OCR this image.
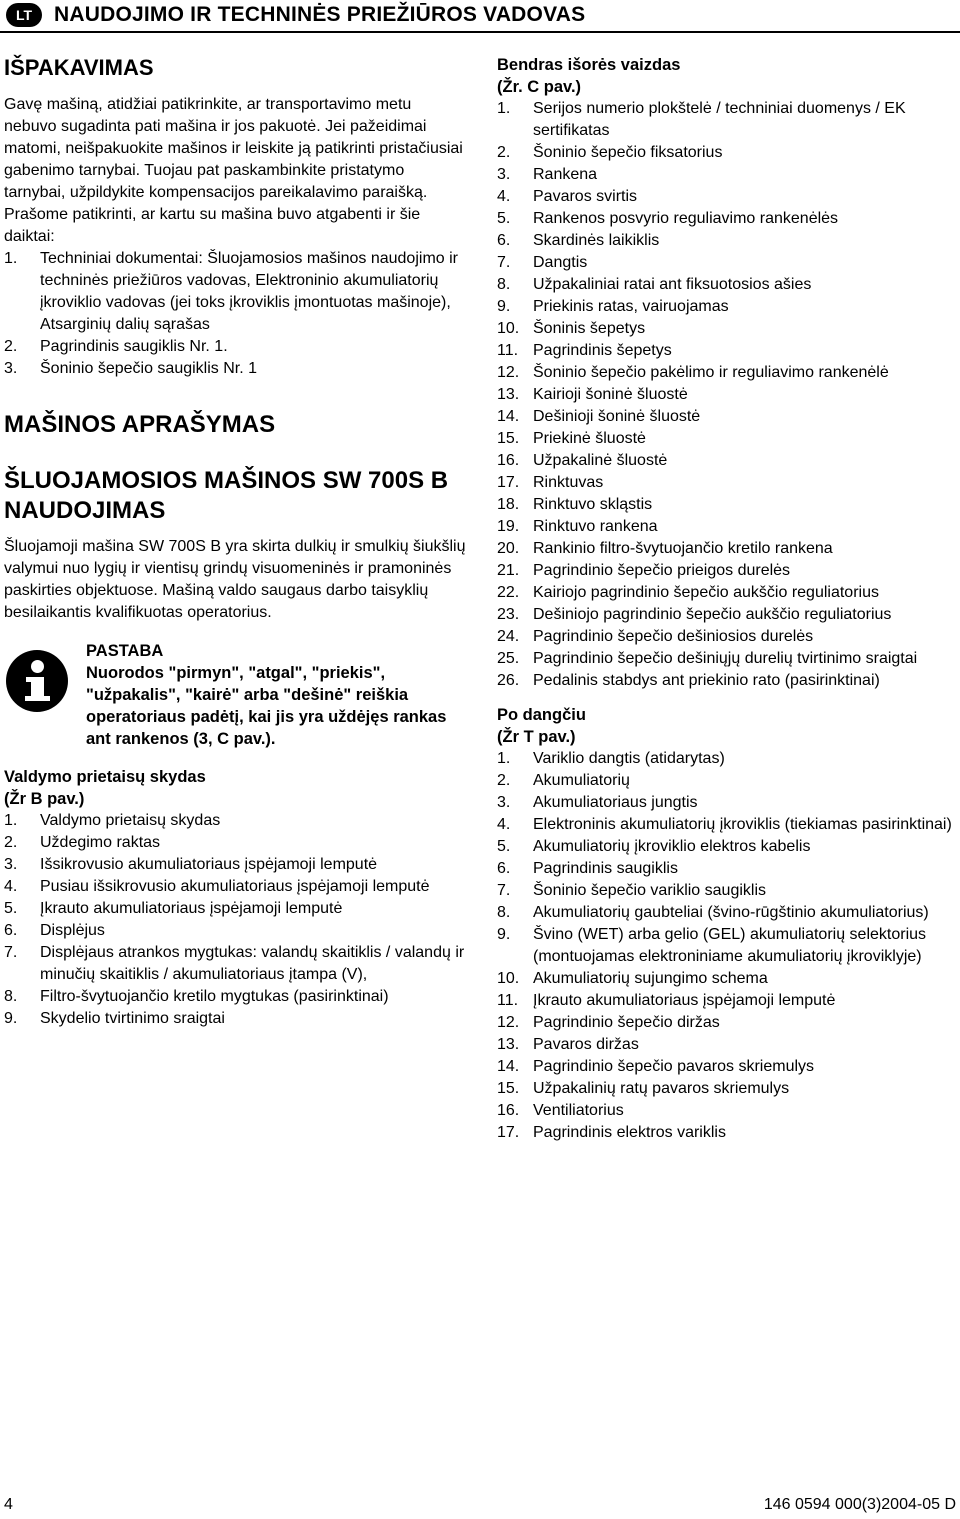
LT	NAUDOJIMO IR TECHNINĖS PRIEŽIŪROS VADOVAS
IŠPAKAVIMAS

Gavę mašiną, atidžiai patikrinkite, ar transportavimo metu nebuvo sugadinta pati mašina ir jos pakuotė. Jei pažeidimai matomi, neišpakuokite mašinos ir leiskite ją patikrinti pristačiusiai gabenimo tarnybai. Tuojau pat paskambinkite pristatymo tarnybai, užpildykite kompensacijos pareikalavimo paraišką.

Prašome patikrinti, ar kartu su mašina buvo atgabenti ir šie daiktai:

1.	Techniniai dokumentai: Šluojamosios mašinos naudojimo ir techninės priežiūros vadovas, Elektroninio akumuliatorių įkroviklio vadovas (jei toks įkroviklis įmontuotas mašinoje), Atsarginių dalių sąrašas
2.	Pagrindinis saugiklis Nr. 1.
3.	Šoninio šepečio saugiklis Nr. 1
MAŠINOS APRAŠYMAS
ŠLUOJAMOSIOS MAŠINOS SW 700S B NAUDOJIMAS

Šluojamoji mašina SW 700S B yra skirta dulkių ir smulkių šiukšlių valymui nuo lygių ir vientisų grindų visuomeninės ir pramoninės paskirties objektuose. Mašiną valdo saugaus darbo taisyklių besilaikantis kvalifikuotas operatorius.

PASTABA
Nuorodos "pirmyn", "atgal", "priekis", "užpakalis", "kairė" arba "dešinė" reiškia operatoriaus padėtį, kai jis yra uždėjęs rankas ant rankenos (3, C pav.).
Valdymo prietaisų skydas
(Žr B pav.)
1.	Valdymo prietaisų skydas
2.	Uždegimo raktas
3.	Išsikrovusio akumuliatoriaus įspėjamoji lemputė
4.	Pusiau išsikrovusio akumuliatoriaus įspėjamoji lemputė
5.	Įkrauto akumuliatoriaus įspėjamoji lemputė
6.	Displėjus
7.	Displėjaus atrankos mygtukas: valandų skaitiklis / valandų ir minučių skaitiklis / akumuliatoriaus įtampa (V),
8.	Filtro-švytuojančio kretilo mygtukas (pasirinktinai)
9.	Skydelio tvirtinimo sraigtai
Bendras išorės vaizdas
(Žr. C pav.)
1.	Serijos numerio plokštelė / techniniai duomenys / EK sertifikatas
2.	Šoninio šepečio fiksatorius
3.	Rankena
4.	Pavaros svirtis
5.	Rankenos posvyrio reguliavimo rankenėlės
6.	Skardinės laikiklis
7.	Dangtis
8.	Užpakaliniai ratai ant fiksuotosios ašies
9.	Priekinis ratas, vairuojamas
10. Šoninis šepetys
11. Pagrindinis šepetys
12. Šoninio šepečio pakėlimo ir reguliavimo rankenėlė
13. Kairioji šoninė šluostė
14. Dešinioji šoninė šluostė
15. Priekinė šluostė
16. Užpakalinė šluostė
17. Rinktuvas
18. Rinktuvo skląstis
19. Rinktuvo rankena
20. Rankinio filtro-švytuojančio kretilo rankena
21. Pagrindinio šepečio prieigos durelės
22. Kairiojo pagrindinio šepečio aukščio reguliatorius
23. Dešiniojo pagrindinio šepečio aukščio reguliatorius
24. Pagrindinio šepečio dešiniosios durelės
25. Pagrindinio šepečio dešiniųjų durelių tvirtinimo sraigtai
26. Pedalinis stabdys ant priekinio rato (pasirinktinai)
Po dangčiu
(Žr T pav.)
1.	Variklio dangtis (atidarytas)
2.	Akumuliatorių
3.	Akumuliatoriaus jungtis
4.	Elektroninis akumuliatorių įkroviklis (tiekiamas pasirinktinai)
5.	Akumuliatorių įkroviklio elektros kabelis
6.	Pagrindinis saugiklis
7.	Šoninio šepečio variklio saugiklis
8.	Akumuliatorių gaubteliai (švino-rūgštinio akumuliatorius)
9.	Švino (WET) arba gelio (GEL) akumuliatorių selektorius (montuojamas elektroniniame akumuliatorių įkroviklyje)
10. Akumuliatorių sujungimo schema
11. Įkrauto akumuliatoriaus įspėjamoji lemputė
12. Pagrindinio šepečio diržas
13. Pavaros diržas
14. Pagrindinio šepečio pavaros skriemulys
15. Užpakalinių ratų pavaros skriemulys
16. Ventiliatorius
17. Pagrindinis elektros variklis
4	146 0594 000(3)2004-05 D
